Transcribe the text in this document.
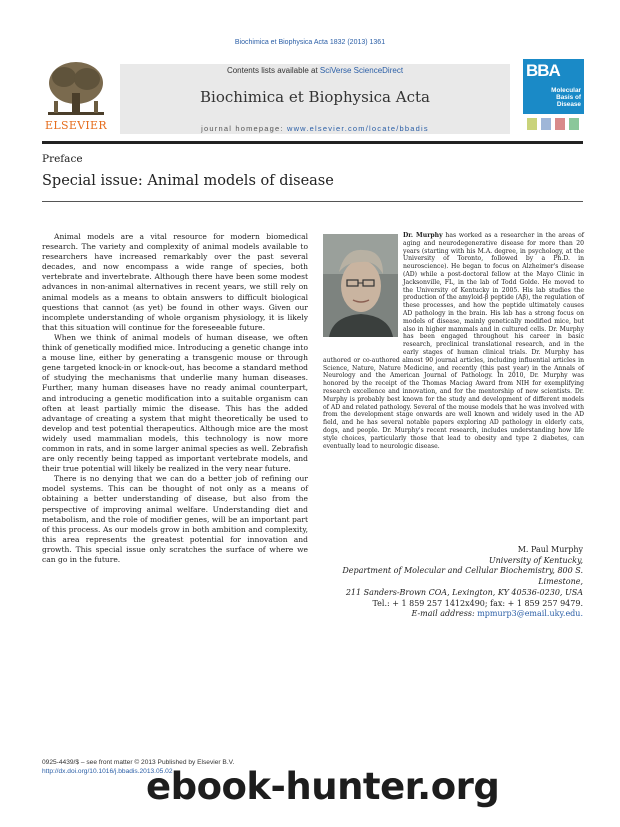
Biochimica et Biophysica Acta 1832 (2013) 1361
ELSEVIER
Contents lists available at SciVerse ScienceDirect
Biochimica et Biophysica Acta
journal homepage: www.elsevier.com/locate/bbadis
BBA
Molecular Basis of Disease
Preface
Special issue: Animal models of disease

Animal models are a vital resource for modern biomedical research. The variety and complexity of animal models available to researchers have increased remarkably over the past several decades, and now encompass a wide range of species, both vertebrate and invertebrate. Although there have been some modest advances in non-animal alternatives in recent years, we still rely on animal models as a means to obtain answers to difficult biological questions that cannot (as yet) be found in other ways. Given our incomplete understanding of whole organism physiology, it is likely that this situation will continue for the foreseeable future.

When we think of animal models of human disease, we often think of genetically modified mice. Introducing a genetic change into a mouse line, either by generating a transgenic mouse or through gene targeted knock-in or knock-out, has become a standard method of studying the mechanisms that underlie many human diseases. Further, many human diseases have no ready animal counterpart, and introducing a genetic modification into a suitable organism can often at least partially mimic the disease. This has the added advantage of creating a system that might theoretically be used to develop and test potential therapeutics. Although mice are the most widely used mammalian models, this technology is now more common in rats, and in some larger animal species as well. Zebrafish are only recently being tapped as important vertebrate models, and their true potential will likely be realized in the very near future.

There is no denying that we can do a better job of refining our model systems. This can be thought of not only as a means of obtaining a better understanding of disease, but also from the perspective of improving animal welfare. Understanding diet and metabolism, and the role of modifier genes, will be an important part of this process. As our models grow in both ambition and complexity, this area represents the greatest potential for innovation and growth. This special issue only scratches the surface of where we can go in the future.

Dr. Murphy has worked as a researcher in the areas of aging and neurodegenerative disease for more than 20 years (starting with his M.A. degree, in psychology, at the University of Toronto, followed by a Ph.D. in neuroscience). He began to focus on Alzheimer's disease (AD) while a post-doctoral fellow at the Mayo Clinic in Jacksonville, FL, in the lab of Todd Golde. He moved to the University of Kentucky in 2005. His lab studies the production of the amyloid-β peptide (Aβ), the regulation of these processes, and how the peptide ultimately causes AD pathology in the brain. His lab has a strong focus on models of disease, mainly genetically modified mice, but also in higher mammals and in cultured cells. Dr. Murphy has been engaged throughout his career in basic research, preclinical translational research, and in the early stages of human clinical trials. Dr. Murphy has authored or co-authored almost 90 journal articles, including influential articles in Science, Nature, Nature Medicine, and recently (this past year) in the Annals of Neurology and the American Journal of Pathology. In 2010, Dr. Murphy was honored by the receipt of the Thomas Maciag Award from NIH for exemplifying research excellence and innovation, and for the mentorship of new scientists. Dr. Murphy is probably best known for the study and development of different models of AD and related pathology. Several of the mouse models that he was involved with from the development stage onwards are well known and widely used in the AD field, and he has several notable papers exploring AD pathology in elderly cats, dogs, and people. Dr. Murphy's recent research, includes understanding how life style choices, particularly those that lead to obesity and type 2 diabetes, can eventually lead to neurologic disease.
M. Paul Murphy
University of Kentucky,
Department of Molecular and Cellular Biochemistry, 800 S. Limestone,
211 Sanders-Brown COA, Lexington, KY 40536-0230, USA
Tel.: + 1 859 257 1412x490; fax: + 1 859 257 9479.
E-mail address: mpmurp3@email.uky.edu.
0925-4439/$ – see front matter © 2013 Published by Elsevier B.V.
http://dx.doi.org/10.1016/j.bbadis.2013.05.02
ebook-hunter.org
